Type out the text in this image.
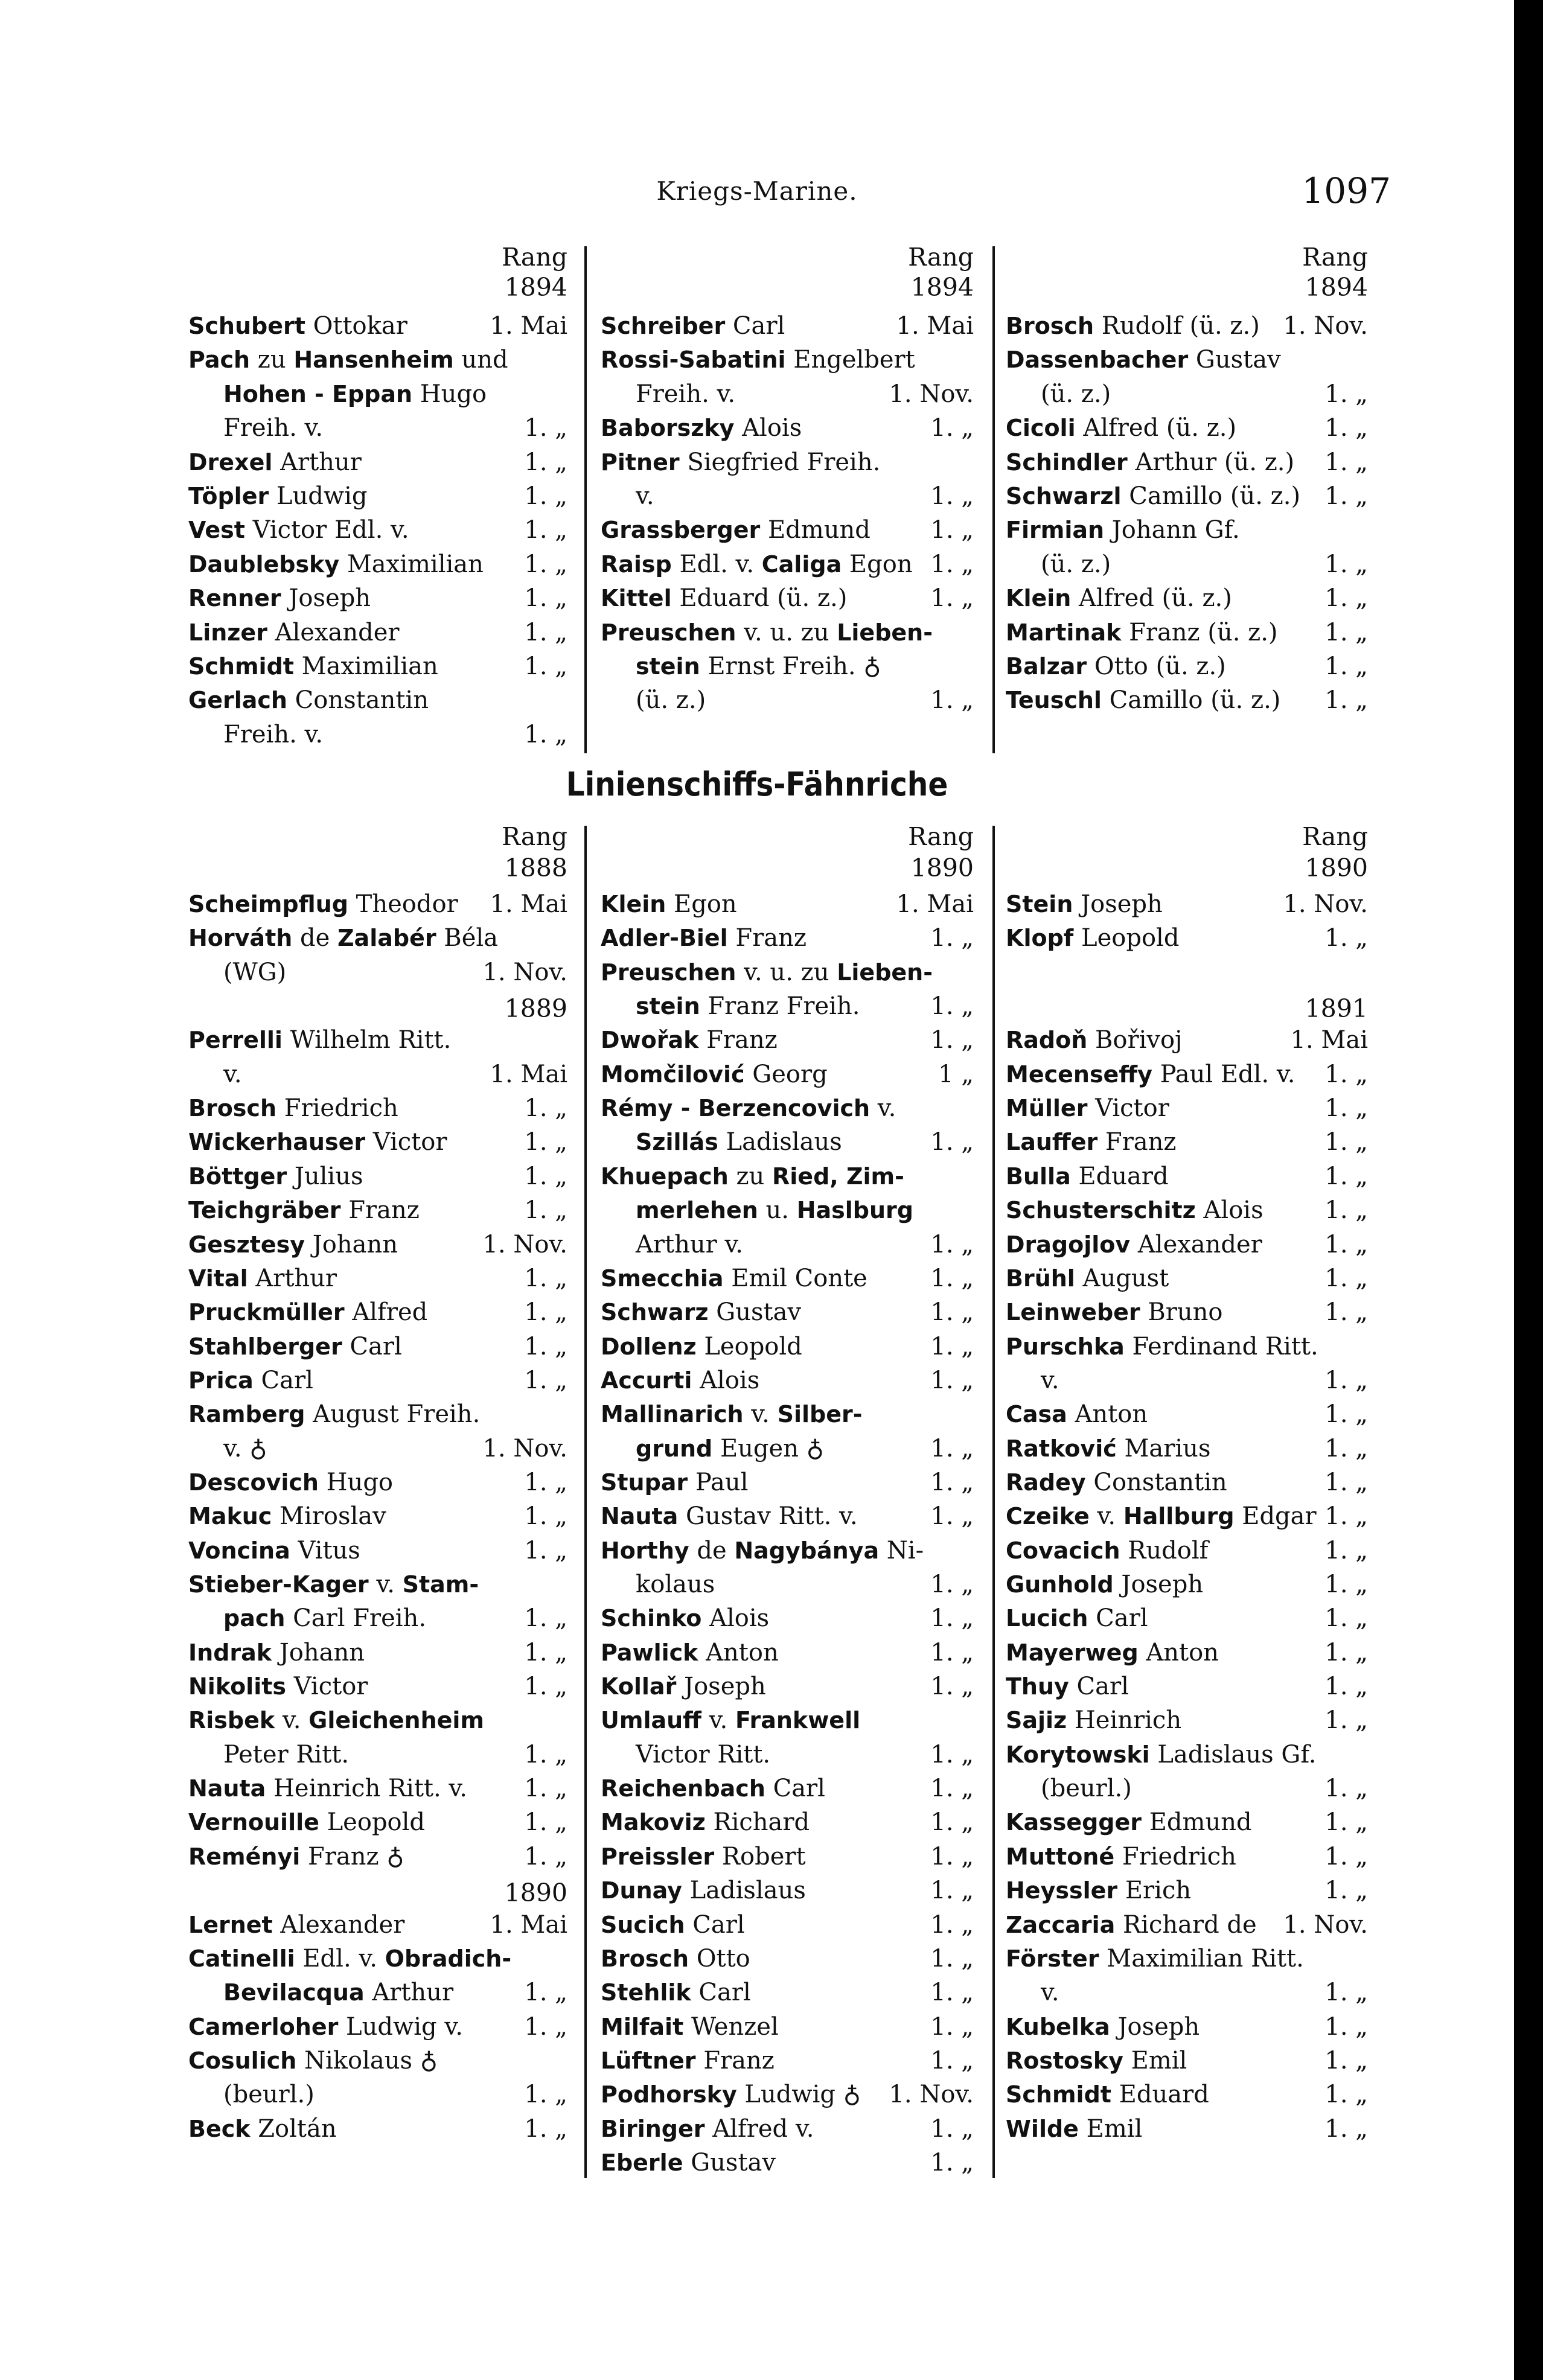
Kriegs-Marine.	1097
Linienschiffs-Fähnriche
Rang
1894
Schubert Ottokar	1. Mai
Pach zu Hansenheim und
Hohen - Eppan Hugo
Freih. v.	1. „
Drexel Arthur	1. „
Töpler Ludwig	1. „
Vest Victor Edl. v.	1. „
Daublebsky Maximilian 1. „
Renner Joseph	1. „
Linzer Alexander	1. „
Schmidt Maximilian	1. „
Gerlach Constantin
Freih. v.	1. „
Rang
1894
Schreiber Carl	1. Mai
Rossi-Sabatini Engelbert
Freih. v.	1. Nov.
Baborszky Alois	1. „
Pitner Siegfried Freih.
v.	1. „
Grassberger Edmund 1. „
Raisp Edl. v. Caliga Egon 1. „
Kittel Eduard (ü. z.)	1. „
Preuschen v. u. zu Lieben-
stein Ernst Freih. ♁
(ü. z.)	1. „
Rang
1894
Brosch Rudolf (ü. z.) 1. Nov.
Dassenbacher Gustav
(ü. z.)	1. „
Cicoli Alfred (ü. z.)	1. „
Schindler Arthur (ü. z.) 1. „
Schwarzl Camillo (ü. z.) 1. „
Firmian Johann Gf.
(ü. z.)	1. „
Klein Alfred (ü. z.)	1. „
Martinak Franz (ü. z.) 1. „
Balzar Otto (ü. z.)	1. „
Teuschl Camillo (ü. z.) 1. „
Rang
1888
Scheimpflug Theodor 1. Mai
Horváth de Zalabér Béla
(WG)	1. Nov.
1889
Perrelli Wilhelm Ritt.
v.	1. Mai
Brosch Friedrich	1. „
Wickerhauser Victor	1. „
Böttger Julius	1. „
Teichgräber Franz	1. „
Gesztesy Johann	1. Nov.
Vital Arthur	1. „
Pruckmüller Alfred	1. „
Stahlberger Carl	1. „
Prica Carl	1. „
Ramberg August Freih.
v. ♁	1. Nov.
Descovich Hugo	1. „
Makuc Miroslav	1. „
Voncina Vitus	1. „
Stieber-Kager v. Stam-
pach Carl Freih.	1. „
Indrak Johann	1. „
Nikolits Victor	1. „
Risbek v. Gleichenheim
Peter Ritt.	1. „
Nauta Heinrich Ritt. v. 1. „
Vernouille Leopold	1. „
Reményi Franz ♁	1. „
1890
Lernet Alexander	1. Mai
Catinelli Edl. v. Obradich-
Bevilacqua Arthur	1. „
Camerloher Ludwig v.	1. „
Cosulich Nikolaus ♁
(beurl.)	1. „
Beck Zoltán	1. „
Rang
1890
Klein Egon	1. Mai
Adler-Biel Franz	1. „
Preuschen v. u. zu Lieben-
stein Franz Freih.	1. „
Dwořak Franz	1. „
Momčilović Georg	1 „
Rémy - Berzencovich v.
Szillás Ladislaus	1. „
Khuepach zu Ried, Zim-
merlehen u. Haslburg
Arthur v.	1. „
Smecchia Emil Conte	1. „
Schwarz Gustav	1. „
Dollenz Leopold	1. „
Accurti Alois	1. „
Mallinarich v. Silber-
grund Eugen ♁	1. „
Stupar Paul	1. „
Nauta Gustav Ritt. v.	1. „
Horthy de Nagybánya Ni-
kolaus	1. „
Schinko Alois	1. „
Pawlick Anton	1. „
Kollař Joseph	1. „
Umlauff v. Frankwell
Victor Ritt.	1. „
Reichenbach Carl	1. „
Makoviz Richard	1. „
Preissler Robert	1. „
Dunay Ladislaus	1. „
Sucich Carl	1. „
Brosch Otto	1. „
Stehlik Carl	1. „
Milfait Wenzel	1. „
Lüftner Franz	1. „
Podhorsky Ludwig ♁ 1. Nov.
Biringer Alfred v.	1. „
Eberle Gustav	1. „
Rang
1890
Stein Joseph	1. Nov.
Klopf Leopold	1. „
1891
Radoň Bořivoj	1. Mai
Mecenseffy Paul Edl. v. 1. „
Müller Victor	1. „
Lauffer Franz	1. „
Bulla Eduard	1. „
Schusterschitz Alois	1. „
Dragojlov Alexander	1. „
Brühl August	1. „
Leinweber Bruno	1. „
Purschka Ferdinand Ritt.
v.	1. „
Casa Anton	1. „
Ratković Marius	1. „
Radey Constantin	1. „
Czeike v. Hallburg Edgar 1. „
Covacich Rudolf	1. „
Gunhold Joseph	1. „
Lucich Carl	1. „
Mayerweg Anton	1. „
Thuy Carl	1. „
Sajiz Heinrich	1. „
Korytowski Ladislaus Gf.
(beurl.)	1. „
Kassegger Edmund	1. „
Muttoné Friedrich	1. „
Heyssler Erich	1. „
Zaccaria Richard de 1. Nov.
Förster Maximilian Ritt.
v.	1. „
Kubelka Joseph	1. „
Rostosky Emil	1. „
Schmidt Eduard	1. „
Wilde Emil	1. „
